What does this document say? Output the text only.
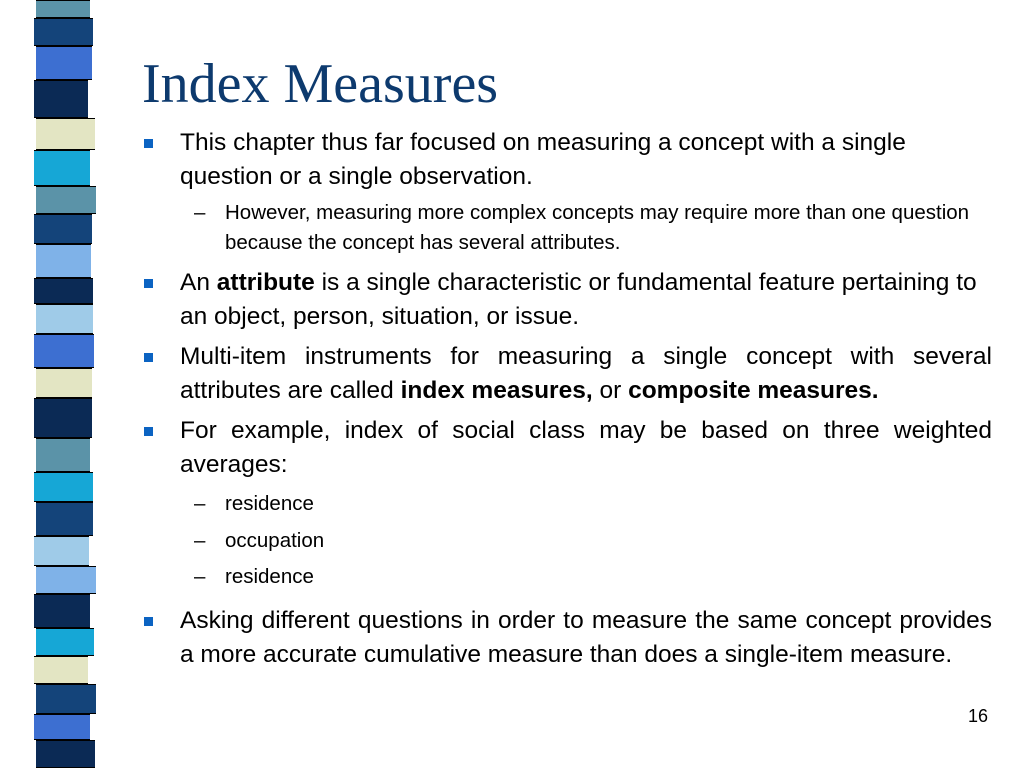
Index Measures
This chapter thus far focused on measuring a concept with a single question or a single observation.
– However, measuring more complex concepts may require more than one question because the concept has several attributes.
An attribute is a single characteristic or fundamental feature pertaining to an object, person, situation, or issue.
Multi-item instruments for measuring a single concept with several attributes are called index measures, or composite measures.
For example, index of social class may be based on three weighted averages:
– residence
– occupation
– residence
Asking different questions in order to measure the same concept provides a more accurate cumulative measure than does a single-item measure.
16
